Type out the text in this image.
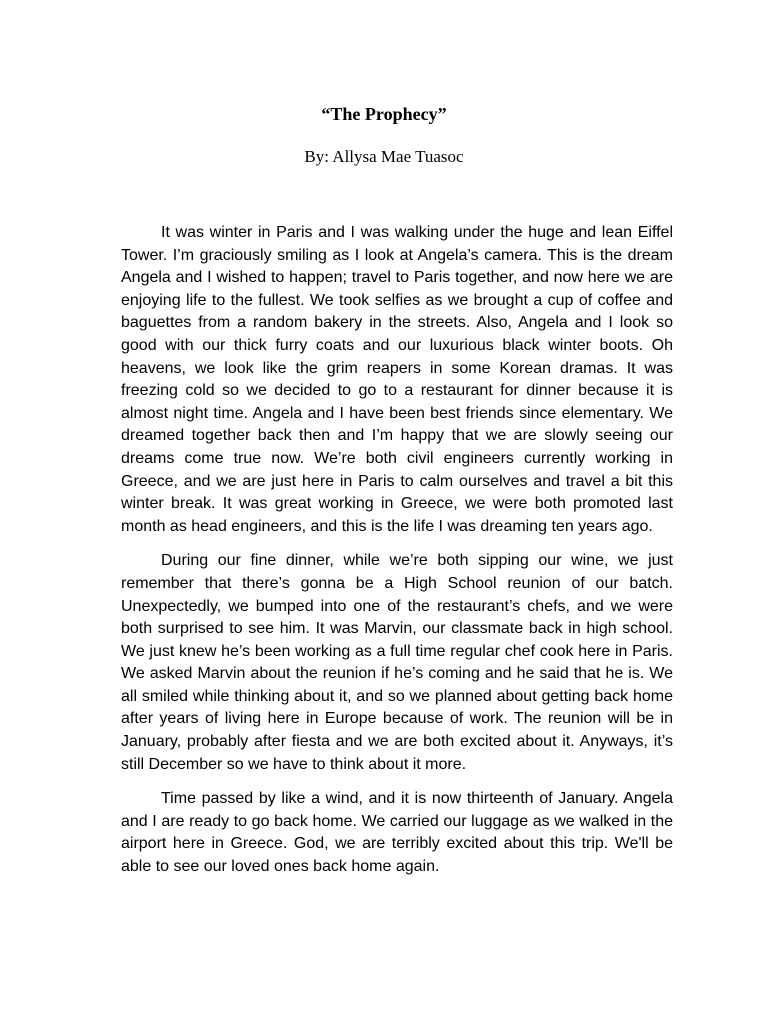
“The Prophecy”

By: Allysa Mae Tuasoc

It was winter in Paris and I was walking under the huge and lean Eiffel Tower. I’m graciously smiling as I look at Angela’s camera. This is the dream Angela and I wished to happen; travel to Paris together, and now here we are enjoying life to the fullest. We took selfies as we brought a cup of coffee and baguettes from a random bakery in the streets. Also, Angela and I look so good with our thick furry coats and our luxurious black winter boots. Oh heavens, we look like the grim reapers in some Korean dramas. It was freezing cold so we decided to go to a restaurant for dinner because it is almost night time. Angela and I have been best friends since elementary. We dreamed together back then and I’m happy that we are slowly seeing our dreams come true now. We’re both civil engineers currently working in Greece, and we are just here in Paris to calm ourselves and travel a bit this winter break. It was great working in Greece, we were both promoted last month as head engineers, and this is the life I was dreaming ten years ago.

During our fine dinner, while we’re both sipping our wine, we just remember that there’s gonna be a High School reunion of our batch. Unexpectedly, we bumped into one of the restaurant’s chefs, and we were both surprised to see him. It was Marvin, our classmate back in high school. We just knew he’s been working as a full time regular chef cook here in Paris. We asked Marvin about the reunion if he’s coming and he said that he is. We all smiled while thinking about it, and so we planned about getting back home after years of living here in Europe because of work. The reunion will be in January, probably after fiesta and we are both excited about it. Anyways, it’s still December so we have to think about it more.

Time passed by like a wind, and it is now thirteenth of January. Angela and I are ready to go back home. We carried our luggage as we walked in the airport here in Greece. God, we are terribly excited about this trip. We'll be able to see our loved ones back home again.
